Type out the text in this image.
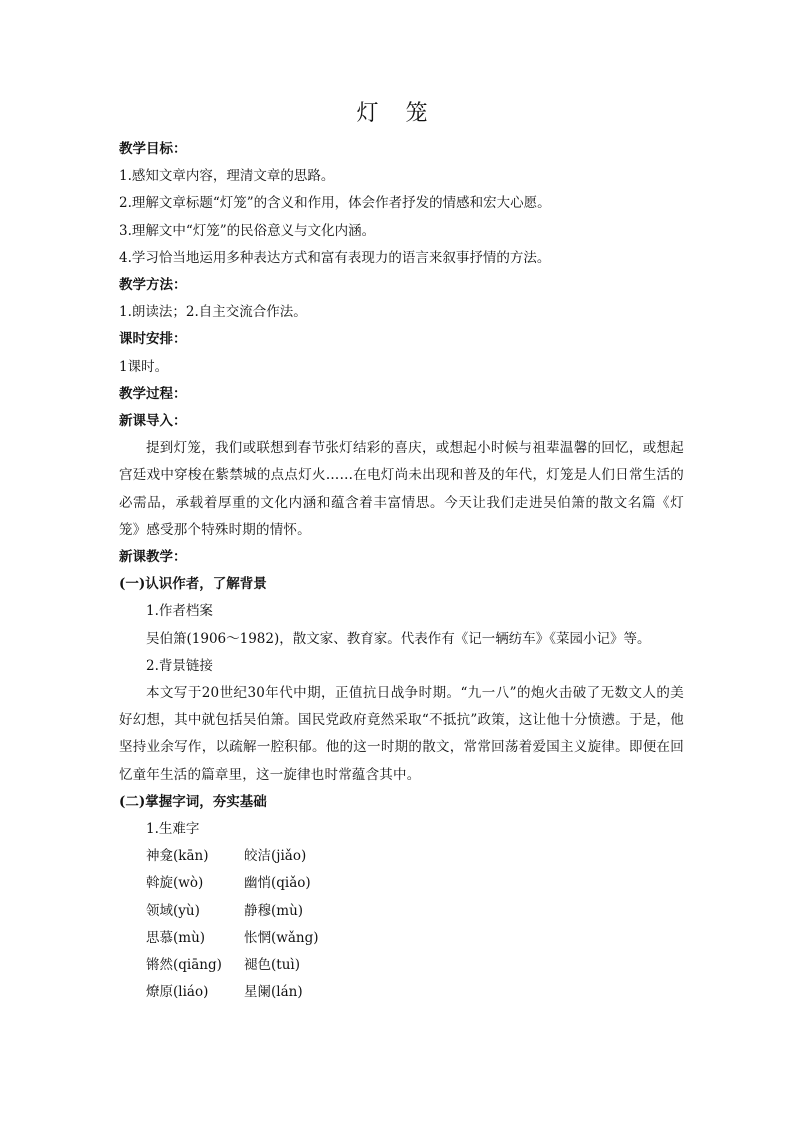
灯 笼
教学目标：
1.感知文章内容，理清文章的思路。
2.理解文章标题“灯笼”的含义和作用，体会作者抒发的情感和宏大心愿。
3.理解文中“灯笼”的民俗意义与文化内涵。
4.学习恰当地运用多种表达方式和富有表现力的语言来叙事抒情的方法。
教学方法：
1.朗读法；2.自主交流合作法。
课时安排：
1课时。
教学过程：
新课导入：
提到灯笼，我们或联想到春节张灯结彩的喜庆，或想起小时候与祖辈温馨的回忆，或想起宫廷戏中穿梭在紫禁城的点点灯火……在电灯尚未出现和普及的年代，灯笼是人们日常生活的必需品，承载着厚重的文化内涵和蕴含着丰富情思。今天让我们走进吴伯箫的散文名篇《灯笼》感受那个特殊时期的情怀。
新课教学：
(一)认识作者，了解背景
1.作者档案
吴伯箫(1906～1982)，散文家、教育家。代表作有《记一辆纺车》《菜园小记》等。
2.背景链接
本文写于20世纪30年代中期，正值抗日战争时期。“九一八”的炮火击破了无数文人的美好幻想，其中就包括吴伯箫。国民党政府竟然采取“不抵抗”政策，这让他十分愤懑。于是，他坚持业余写作，以疏解一腔积郁。他的这一时期的散文，常常回荡着爱国主义旋律。即便在回忆童年生活的篇章里，这一旋律也时常蕴含其中。
(二)掌握字词，夯实基础
1.生难字
神龛(kān)	皎洁(jiǎo)
斡旋(wò)	幽悄(qiǎo)
领域(yù)	静穆(mù)
思慕(mù)	怅惘(wǎng)
锵然(qiāng)	褪色(tuì)
燎原(liáo)	星阑(lán)
